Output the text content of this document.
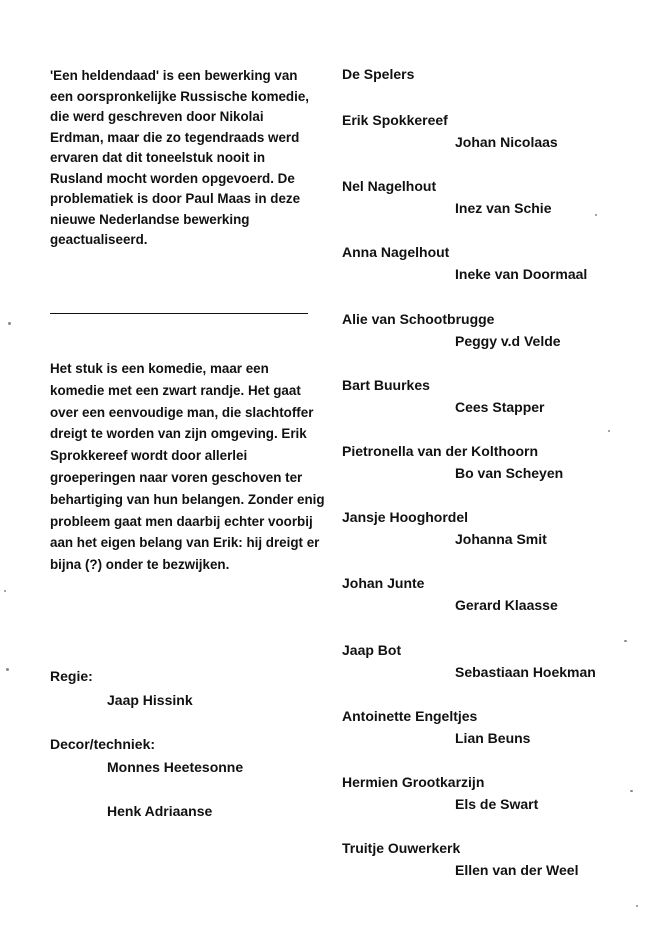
'Een heldendaad' is een bewerking van een oorspronkelijke Russische komedie, die werd geschreven door Nikolai Erdman, maar die zo tegendraads werd ervaren dat dit toneelstuk nooit in Rusland mocht worden opgevoerd. De problematiek is door Paul Maas in deze nieuwe Nederlandse bewerking geactualiseerd.

Het stuk is een komedie, maar een komedie met een zwart randje. Het gaat over een eenvoudige man, die slachtoffer dreigt te worden van zijn omgeving. Erik Sprokkereef wordt door allerlei groeperingen naar voren geschoven ter behartiging van hun belangen. Zonder enig probleem gaat men daarbij echter voorbij aan het eigen belang van Erik: hij dreigt er bijna (?) onder te bezwijken.

Regie:
Jaap Hissink
Decor/techniek:
Monnes Heetesonne
Henk Adriaanse
De Spelers
Erik Spokkereef
Johan Nicolaas
Nel Nagelhout
Inez van Schie
Anna Nagelhout
Ineke van Doormaal
Alie van Schootbrugge
Peggy v.d Velde
Bart Buurkes
Cees Stapper
Pietronella van der Kolthoorn
Bo van Scheyen
Jansje Hooghordel
Johanna Smit
Johan Junte
Gerard Klaasse
Jaap Bot
Sebastiaan Hoekman
Antoinette Engeltjes
Lian Beuns
Hermien Grootkarzijn
Els de Swart
Truitje Ouwerkerk
Ellen van der Weel
